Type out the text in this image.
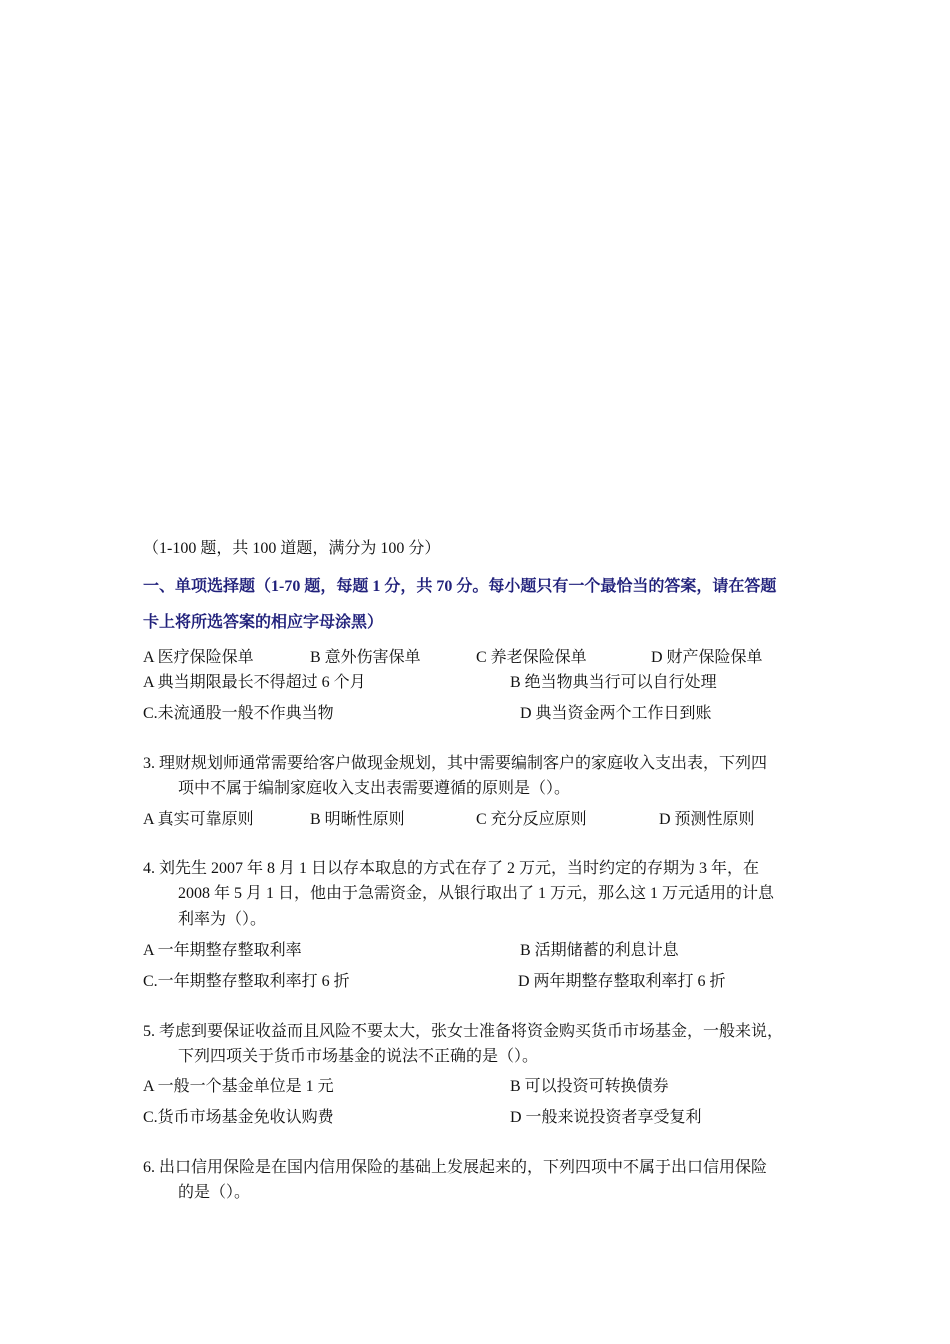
（1-100 题，共 100 道题，满分为 100 分）
一、单项选择题（1-70 题，每题 1 分，共 70 分。每小题只有一个最恰当的答案，请在答题
卡上将所选答案的相应字母涂黑）
A 医疗保险保单	B 意外伤害保单	C 养老保险保单	D 财产保险保单
A 典当期限最长不得超过 6 个月	B 绝当物典当行可以自行处理
C.未流通股一般不作典当物	D 典当资金两个工作日到账
3. 理财规划师通常需要给客户做现金规划，其中需要编制客户的家庭收入支出表，下列四
项中不属于编制家庭收入支出表需要遵循的原则是（）。
A 真实可靠原则	B 明晰性原则	C 充分反应原则	D 预测性原则
4. 刘先生 2007 年 8 月 1 日以存本取息的方式在存了 2 万元，当时约定的存期为 3 年，在
2008 年 5 月 1 日，他由于急需资金，从银行取出了 1 万元，那么这 1 万元适用的计息
利率为（）。
A 一年期整存整取利率	B 活期储蓄的利息计息
C.一年期整存整取利率打 6 折	D 两年期整存整取利率打 6 折
5. 考虑到要保证收益而且风险不要太大，张女士准备将资金购买货币市场基金，一般来说，
下列四项关于货币市场基金的说法不正确的是（）。
A 一般一个基金单位是 1 元	B 可以投资可转换债券
C.货币市场基金免收认购费	D 一般来说投资者享受复利
6. 出口信用保险是在国内信用保险的基础上发展起来的，下列四项中不属于出口信用保险
的是（）。
